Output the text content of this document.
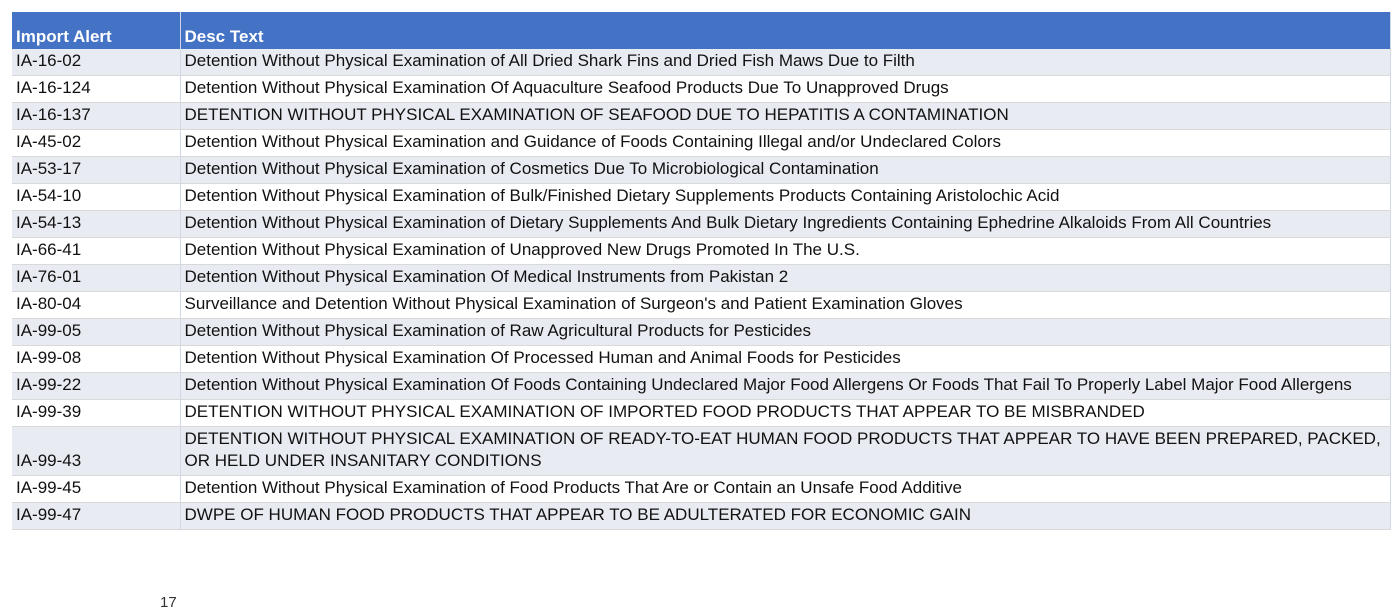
Import Alert	Desc Text
IA-16-02	Detention Without Physical Examination of All Dried Shark Fins and Dried Fish Maws Due to Filth
IA-16-124	Detention Without Physical Examination Of Aquaculture Seafood Products Due To Unapproved Drugs
IA-16-137	DETENTION WITHOUT PHYSICAL EXAMINATION OF SEAFOOD DUE TO HEPATITIS A CONTAMINATION
IA-45-02	Detention Without Physical Examination and Guidance of Foods Containing Illegal and/or Undeclared Colors
IA-53-17	Detention Without Physical Examination of Cosmetics Due To Microbiological Contamination
IA-54-10	Detention Without Physical Examination of Bulk/Finished Dietary Supplements Products Containing Aristolochic Acid
IA-54-13	Detention Without Physical Examination of Dietary Supplements And Bulk Dietary Ingredients Containing Ephedrine Alkaloids From All Countries
IA-66-41	Detention Without Physical Examination of Unapproved New Drugs Promoted In The U.S.
IA-76-01	Detention Without Physical Examination Of Medical Instruments from Pakistan 2
IA-80-04	Surveillance and Detention Without Physical Examination of Surgeon's and Patient Examination Gloves
IA-99-05	Detention Without Physical Examination of Raw Agricultural Products for Pesticides
IA-99-08	Detention Without Physical Examination Of Processed Human and Animal Foods for Pesticides
IA-99-22	Detention Without Physical Examination Of Foods Containing Undeclared Major Food Allergens Or Foods That Fail To Properly Label Major Food Allergens
IA-99-39	DETENTION WITHOUT PHYSICAL EXAMINATION OF IMPORTED FOOD PRODUCTS THAT APPEAR TO BE MISBRANDED
IA-99-43	DETENTION WITHOUT PHYSICAL EXAMINATION OF READY-TO-EAT HUMAN FOOD PRODUCTS THAT APPEAR TO HAVE BEEN PREPARED, PACKED, OR HELD UNDER INSANITARY CONDITIONS
IA-99-45	Detention Without Physical Examination of Food Products That Are or Contain an Unsafe Food Additive
IA-99-47	DWPE OF HUMAN FOOD PRODUCTS THAT APPEAR TO BE ADULTERATED FOR ECONOMIC GAIN
17
